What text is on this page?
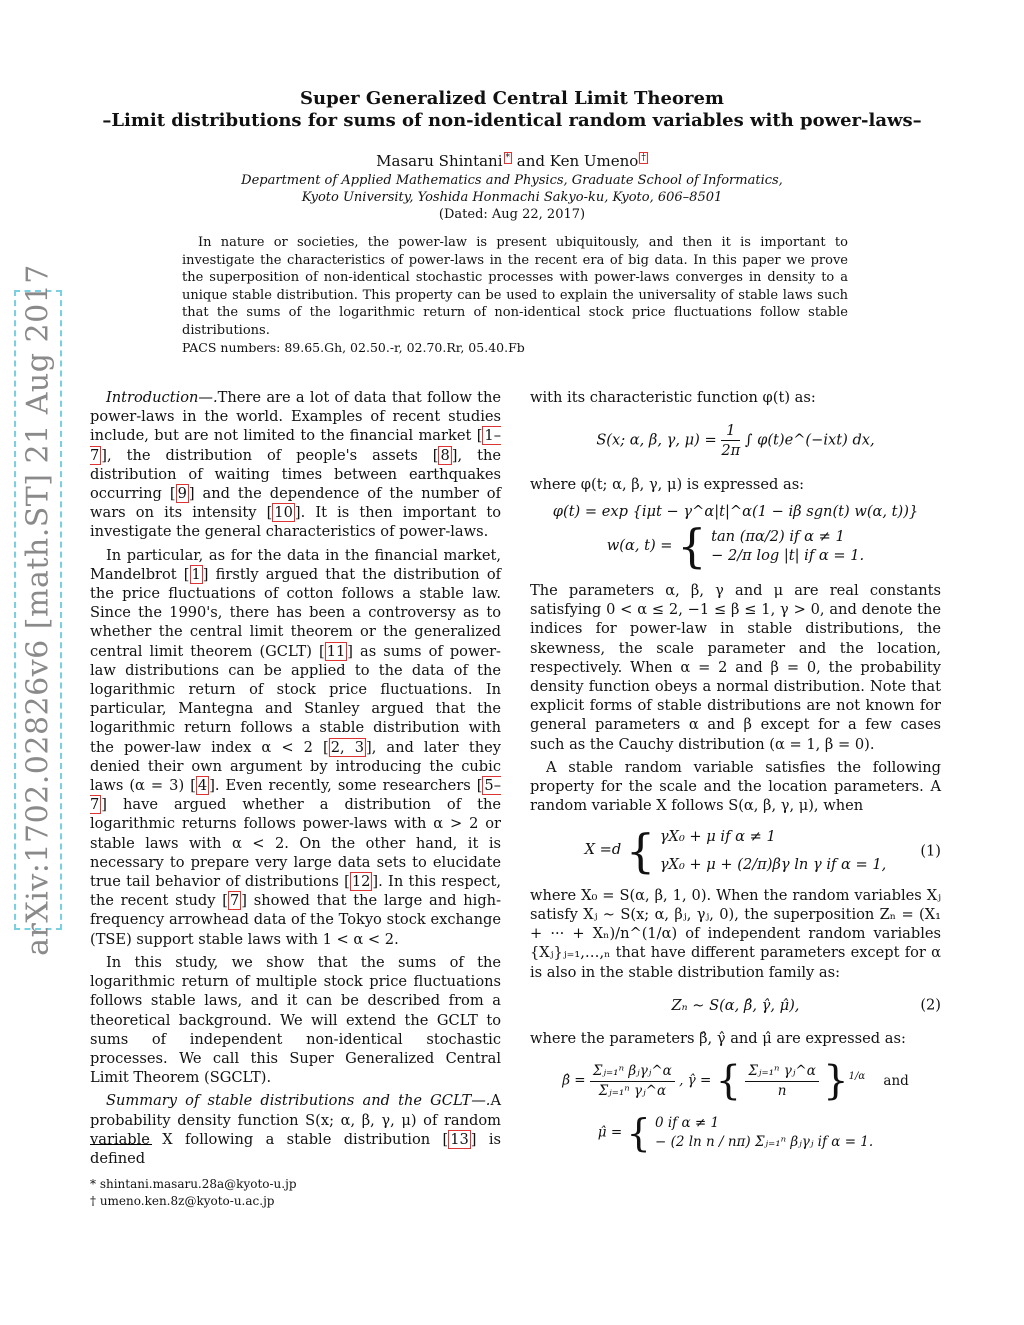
arXiv:1702.02826v6 [math.ST] 21 Aug 2017
Super Generalized Central Limit Theorem
–Limit distributions for sums of non-identical random variables with power-laws–
Masaru Shintani * and Ken Umeno †
Department of Applied Mathematics and Physics, Graduate School of Informatics,
Kyoto University, Yoshida Honmachi Sakyo-ku, Kyoto, 606–8501
(Dated: Aug 22, 2017)
In nature or societies, the power-law is present ubiquitously, and then it is important to investigate the characteristics of power-laws in the recent era of big data. In this paper we prove the superposition of non-identical stochastic processes with power-laws converges in density to a unique stable distribution. This property can be used to explain the universality of stable laws such that the sums of the logarithmic return of non-identical stock price fluctuations follow stable distributions.
PACS numbers: 89.65.Gh, 02.50.-r, 02.70.Rr, 05.40.Fb

Introduction—.There are a lot of data that follow the power-laws in the world. Examples of recent studies include, but are not limited to the financial market [ 1–7 ], the distribution of people's assets [ 8 ], the distribution of waiting times between earthquakes occurring [ 9 ] and the dependence of the number of wars on its intensity [ 10 ]. It is then important to investigate the general characteristics of power-laws.

In particular, as for the data in the financial market, Mandelbrot [ 1 ] firstly argued that the distribution of the price fluctuations of cotton follows a stable law. Since the 1990's, there has been a controversy as to whether the central limit theorem or the generalized central limit theorem (GCLT) [ 11 ] as sums of power-law distributions can be applied to the data of the logarithmic return of stock price fluctuations. In particular, Mantegna and Stanley argued that the logarithmic return follows a stable distribution with the power-law index α < 2 [ 2, 3 ], and later they denied their own argument by introducing the cubic laws (α = 3) [ 4 ]. Even recently, some researchers [ 5–7 ] have argued whether a distribution of the logarithmic returns follows power-laws with α > 2 or stable laws with α < 2. On the other hand, it is necessary to prepare very large data sets to elucidate true tail behavior of distributions [ 12 ]. In this respect, the recent study [ 7 ] showed that the large and high-frequency arrowhead data of the Tokyo stock exchange (TSE) support stable laws with 1 < α < 2.

In this study, we show that the sums of the logarithmic return of multiple stock price fluctuations follows stable laws, and it can be described from a theoretical background. We will extend the GCLT to sums of independent non-identical stochastic processes. We call this Super Generalized Central Limit Theorem (SGCLT).

Summary of stable distributions and the GCLT—.A probability density function S(x; α, β, γ, μ) of random variable X following a stable distribution [ 13 ] is defined

with its characteristic function φ(t) as:

S(x; α, β, γ, $\mu) = \frac{1}{2\pi}$ ∫ φ(t)e^(−ixt) dx,

where φ(t; α, β, γ, μ) is expressed as:

φ(t) = exp {iμt − γ^α|t|^α(1 − iβ sgn(t) w(α, t))}
w(α, t) = { tan (πα/2) if α ≠ 1
− 2/π log |t| if α = 1.

The parameters α, β, γ and μ are real constants satisfying 0 < α ≤ 2, −1 ≤ β ≤ 1, γ > 0, and denote the indices for power-law in stable distributions, the skewness, the scale parameter and the location, respectively. When α = 2 and β = 0, the probability density function obeys a normal distribution. Note that explicit forms of stable distributions are not known for general parameters α and β except for a few cases such as the Cauchy distribution (α = 1, β = 0).

A stable random variable satisfies the following property for the scale and the location parameters. A random variable X follows S(α, β, γ, μ), when

X =d { γX₀ + μ if α ≠ 1
γX₀ + μ + (2/π)βγ ln γ if α = 1,
(1)

where X₀ = S(α, β, 1, 0). When the random variables Xⱼ satisfy Xⱼ ∼ S(x; α, βⱼ, γⱼ, 0), the superposition Zₙ = (X₁ + ··· + Xₙ)/n^(1/α) of independent random variables {Xⱼ}ⱼ₌₁,…,ₙ that have different parameters except for α is also in the stable distribution family as:

Zₙ ∼ S(α, β̂, γ̂, μ̂),	(2)

where the parameters β̂, γ̂ and μ̂ are expressed as:

β̂ = $\frac{\text{Σⱼ₌₁ⁿ βⱼγⱼ\textasciicircum{}α}}{\text{Σⱼ₌₁ⁿ γⱼ\textasciicircum{}α}}$ , γ̂ = { $\frac{\text{Σⱼ₌₁ⁿ γⱼ\textasciicircum{}α}}{n} \}^{1/\alpha}$ and
μ̂ = { 0 if α ≠ 1
− (2 ln n / nπ) Σⱼ₌₁ⁿ βⱼγⱼ if α = 1.
* shintani.masaru.28a@kyoto-u.jp
† umeno.ken.8z@kyoto-u.ac.jp
